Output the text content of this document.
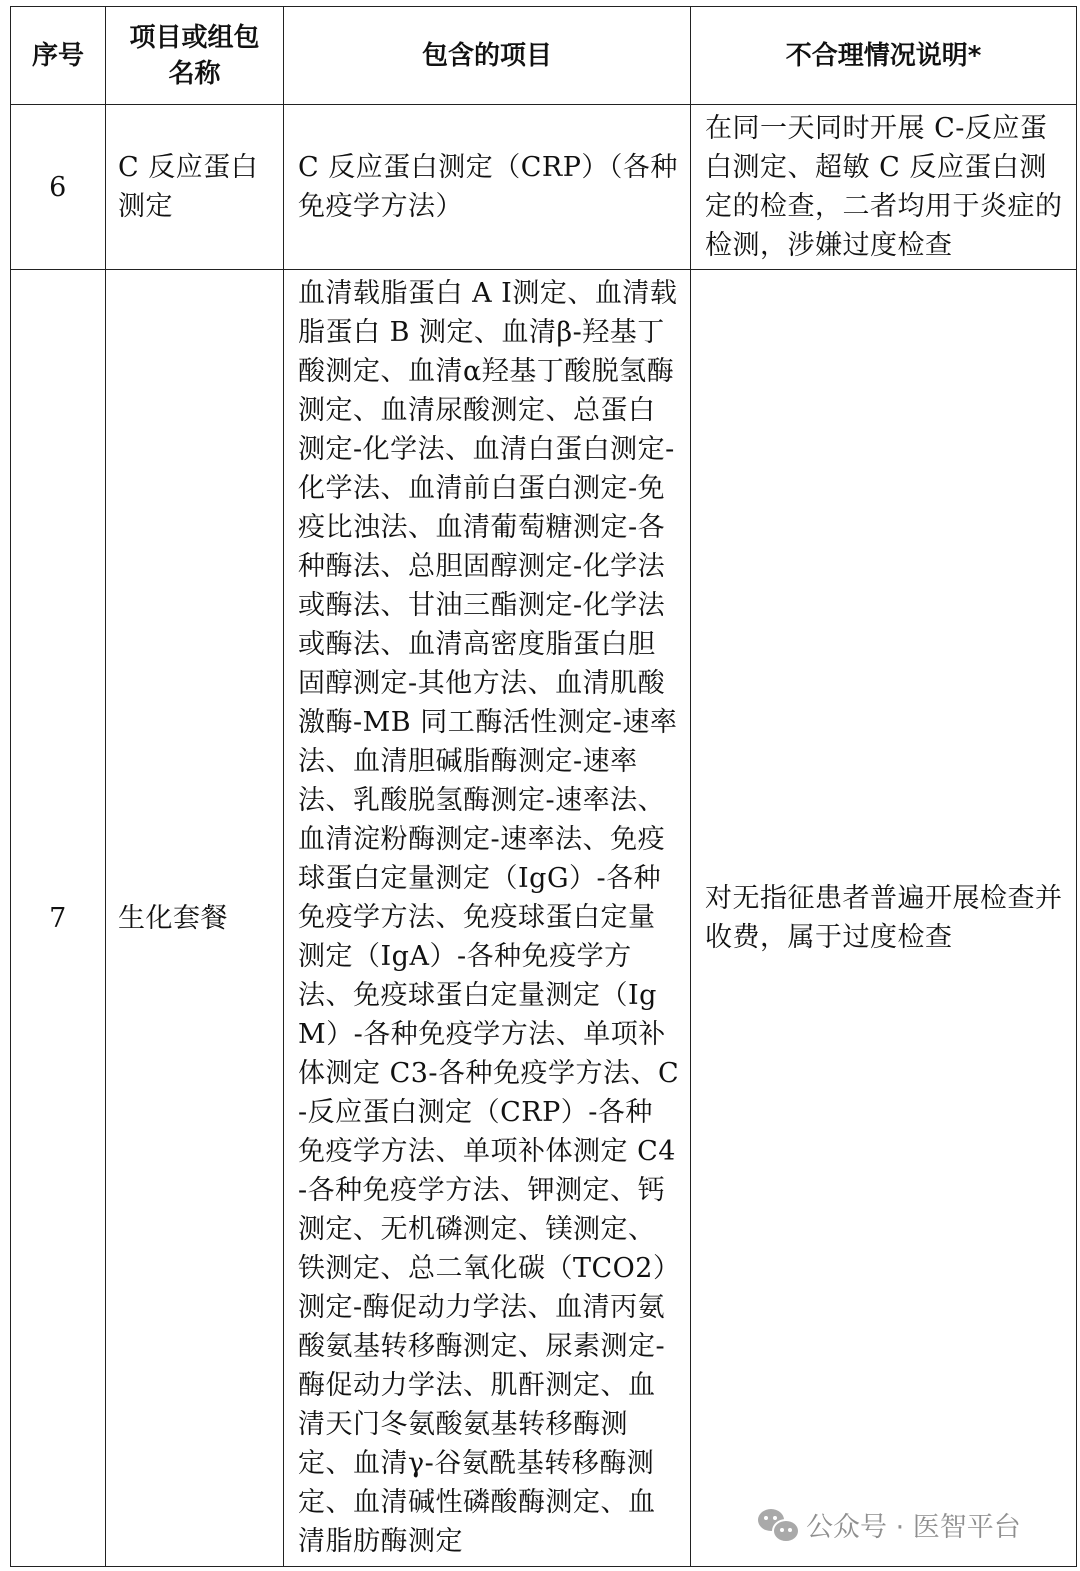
序号	项目或组包名称	包含的项目	不合理情况说明*
6	C 反应蛋白测定	C 反应蛋白测定（CRP）（各种免疫学方法）	在同一天同时开展 C-反应蛋白测定、超敏 C 反应蛋白测定的检查，二者均用于炎症的检测，涉嫌过度检查
7	生化套餐	血清载脂蛋白 A Ⅰ测定、血清载脂蛋白 B 测定、血清β-羟基丁酸测定、血清α羟基丁酸脱氢酶测定、血清尿酸测定、总蛋白测定-化学法、血清白蛋白测定-化学法、血清前白蛋白测定-免疫比浊法、血清葡萄糖测定-各种酶法、总胆固醇测定-化学法或酶法、甘油三酯测定-化学法或酶法、血清高密度脂蛋白胆固醇测定-其他方法、血清肌酸激酶-MB 同工酶活性测定-速率法、血清胆碱脂酶测定-速率法、乳酸脱氢酶测定-速率法、血清淀粉酶测定-速率法、免疫球蛋白定量测定（IgG）-各种免疫学方法、免疫球蛋白定量测定（IgA）-各种免疫学方法、免疫球蛋白定量测定（IgM）-各种免疫学方法、单项补体测定 C3-各种免疫学方法、C-反应蛋白测定（CRP）-各种免疫学方法、单项补体测定 C4-各种免疫学方法、钾测定、钙测定、无机磷测定、镁测定、铁测定、总二氧化碳（TCO2）测定-酶促动力学法、血清丙氨酸氨基转移酶测定、尿素测定-酶促动力学法、肌酐测定、血清天门冬氨酸氨基转移酶测定、血清γ-谷氨酰基转移酶测定、血清碱性磷酸酶测定、血清脂肪酶测定	对无指征患者普遍开展检查并收费，属于过度检查
公众号 · 医智平台
